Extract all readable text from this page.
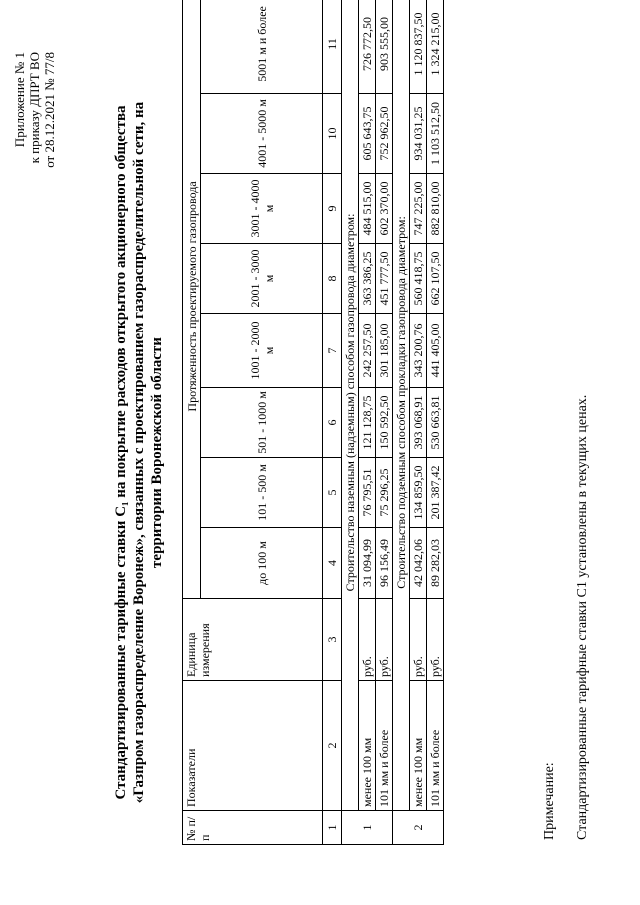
Приложение № 1 к приказу ДПРТ ВО от 28.12.2021 № 77/8	Стандартизированные тарифные ставки С₁ на покрытие расходов открытого акционерного общества «Газпром газораспределение Воронеж», связанных с проектированием газораспределительной сети, на территории Воронежской области
№ п/п	Показатели	Единица измерения	Протяженность проектируемого газопровода							
			до 100 м	101 - 500 м	501 - 1000 м	1001 - 2000 м	2001 - 3000 м	3001 - 4000 м	4001 - 5000 м	5001 м и более
1	2	3	4	5	6	7	8	9	10	11
1	Строительство наземным (надземным) способом газопровода диаметром:									
	менее 100 мм	руб.	31 094,99	76 795,51	121 128,75	242 257,50	363 386,25	484 515,00	605 643,75	726 772,50
	101 мм и более	руб.	96 156,49	75 296,25	150 592,50	301 185,00	451 777,50	602 370,00	752 962,50	903 555,00
2	Строительство подземным способом прокладки газопровода диаметром:									
	менее 100 мм	руб.	42 042,06	134 859,50	393 068,91	343 200,76	560 418,75	747 225,00	934 031,25	1 120 837,50
	101 мм и более	руб.	89 282,03	201 387,42	530 663,81	441 405,00	662 107,50	882 810,00	1 103 512,50	1 324 215,00
Примечание: Стандартизированные тарифные ставки С1 установлены в текущих ценах.
